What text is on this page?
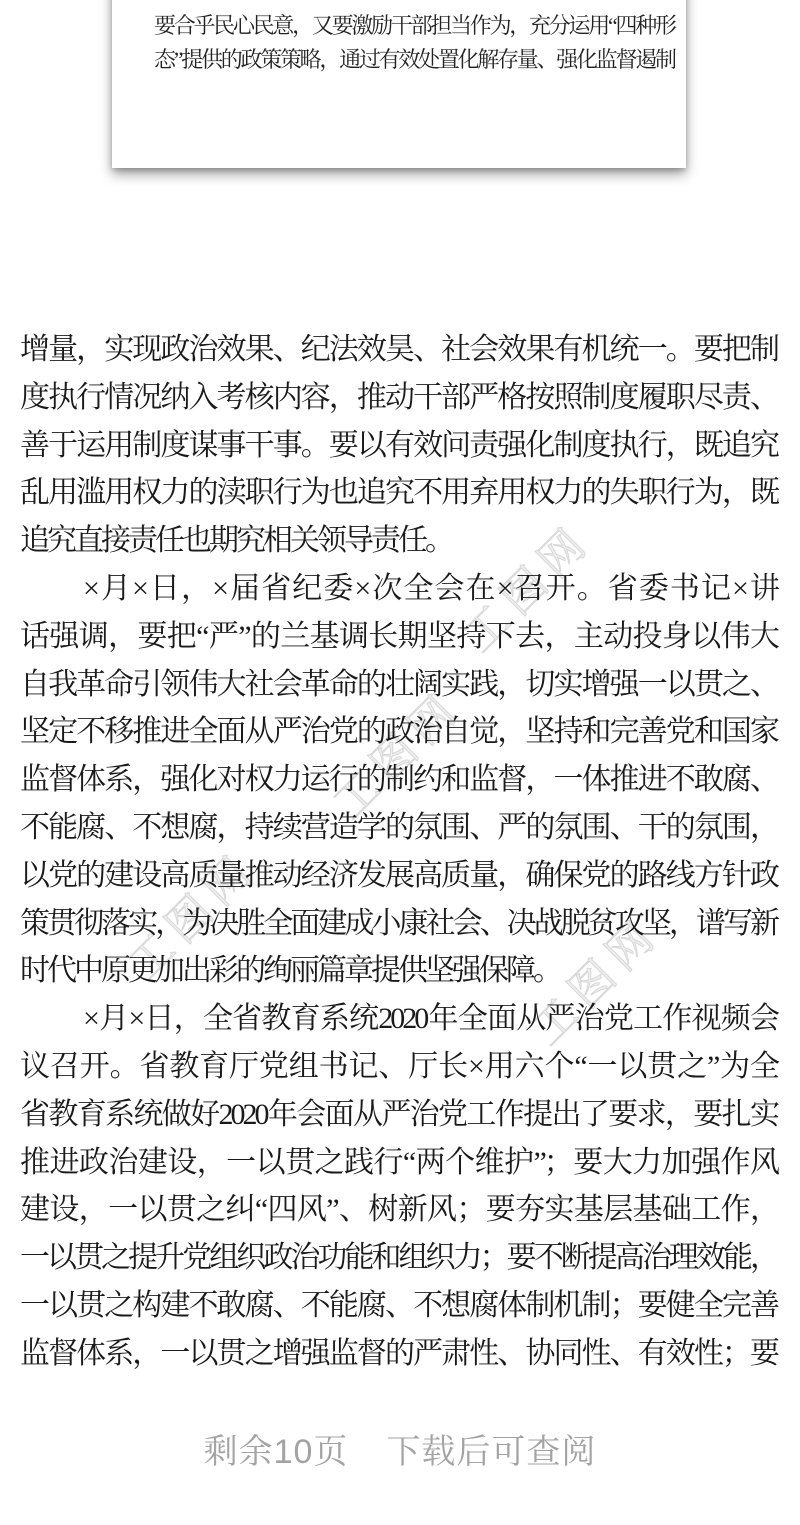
工图网
工图网
工图网	工图网
要合乎民心民意，又要激励干部担当作为，充分运用“四种形
态”提供的政策策略，通过有效处置化解存量、强化监督遏制
增量，实现政治效果、纪法效昊、社会效果有机统一。要把制
度执行情况纳入考核内容，推动干部严格按照制度履职尽责、
善于运用制度谋事干事。要以有效问责强化制度执行，既追究
乱用滥用权力的渎职行为也追究不用弃用权力的失职行为，既
追究直接责任也期究相关领导责任。
×月×日，×届省纪委×次全会在×召开。省委书记×讲
话强调，要把“严”的兰基调长期坚持下去，主动投身以伟大
自我革命引领伟大社会革命的壮阔实践，切实增强一以贯之、
坚定不移推进全面从严治党的政治自觉，坚持和完善党和国家
监督体系，强化对权力运行的制约和监督，一体推进不敢腐、
不能腐、不想腐，持续营造学的氛围、严的氛围、干的氛围，
以党的建设高质量推动经济发展高质量，确保党的路线方针政
策贯彻落实，为决胜全面建成小康社会、决战脱贫攻坚，谱写新
时代中原更加出彩的绚丽篇章提供坚强保障。
×月×日，全省教育系统2020年全面从严治党工作视频会
议召开。省教育厅党组书记、厅长×用六个“一以贯之”为全
省教育系统做好2020年会面从严治党工作提出了要求，要扎实
推进政治建设，一以贯之践行“两个维护”；要大力加强作风
建设，一以贯之纠“四风”、树新风；要夯实基层基础工作，
一以贯之提升党组织政治功能和组织力；要不断提高治理效能，
一以贯之构建不敢腐、不能腐、不想腐体制机制；要健全完善
监督体系，一以贯之增强监督的严肃性、协同性、有效性；要
剩余10页 下载后可查阅
